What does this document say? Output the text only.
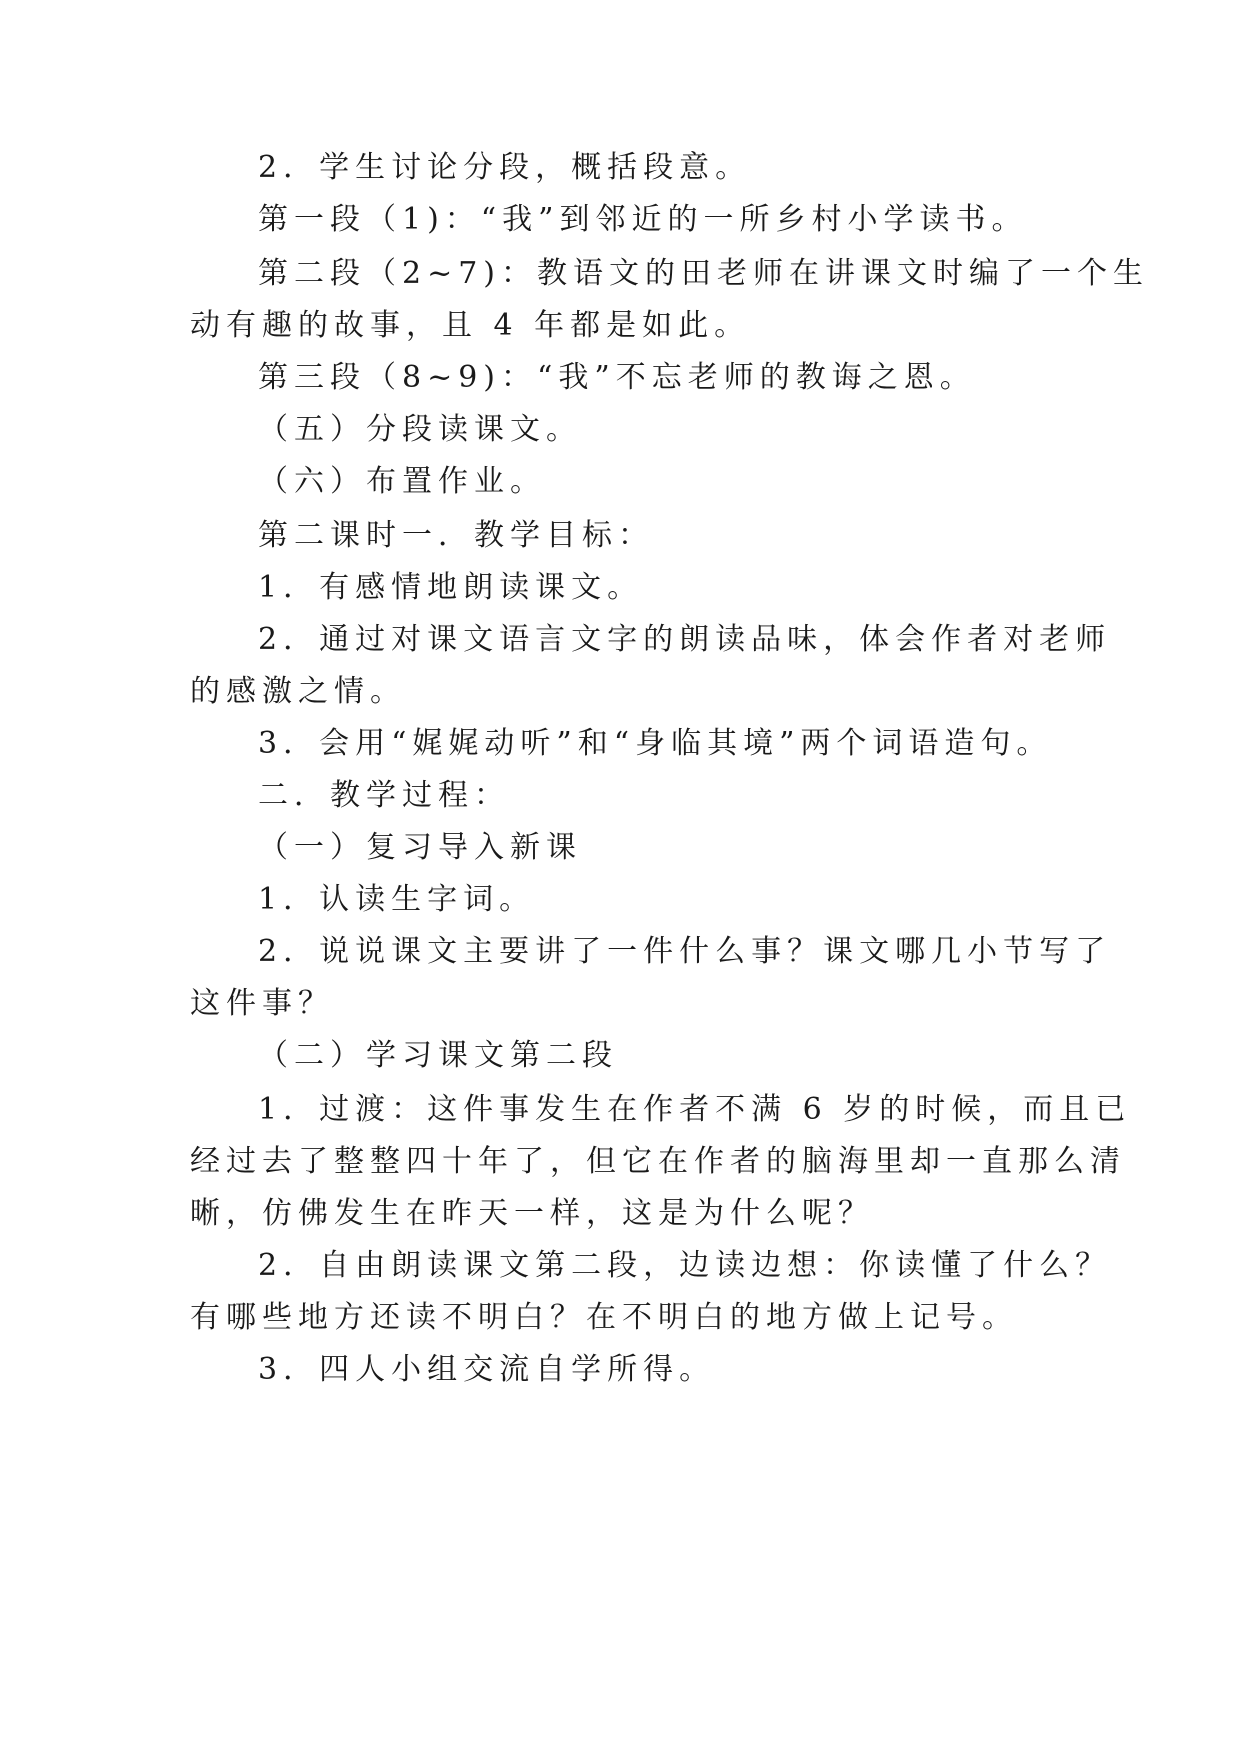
2．学生讨论分段，概括段意。
第一段（1)：“我”到邻近的一所乡村小学读书。
第二段（2~7)：教语文的田老师在讲课文时编了一个生
动有趣的故事，且 4 年都是如此。
第三段（8~9)：“我”不忘老师的教诲之恩。
（五）分段读课文。
（六）布置作业。
第二课时一．教学目标：
1．有感情地朗读课文。
2．通过对课文语言文字的朗读品味，体会作者对老师
的感激之情。
3．会用“娓娓动听”和“身临其境”两个词语造句。
二．教学过程：
（一）复习导入新课
1．认读生字词。
2．说说课文主要讲了一件什么事？课文哪几小节写了
这件事？
（二）学习课文第二段
1．过渡：这件事发生在作者不满 6 岁的时候，而且已
经过去了整整四十年了，但它在作者的脑海里却一直那么清
晰，仿佛发生在昨天一样，这是为什么呢？
2．自由朗读课文第二段，边读边想：你读懂了什么？
有哪些地方还读不明白？在不明白的地方做上记号。
3．四人小组交流自学所得。
